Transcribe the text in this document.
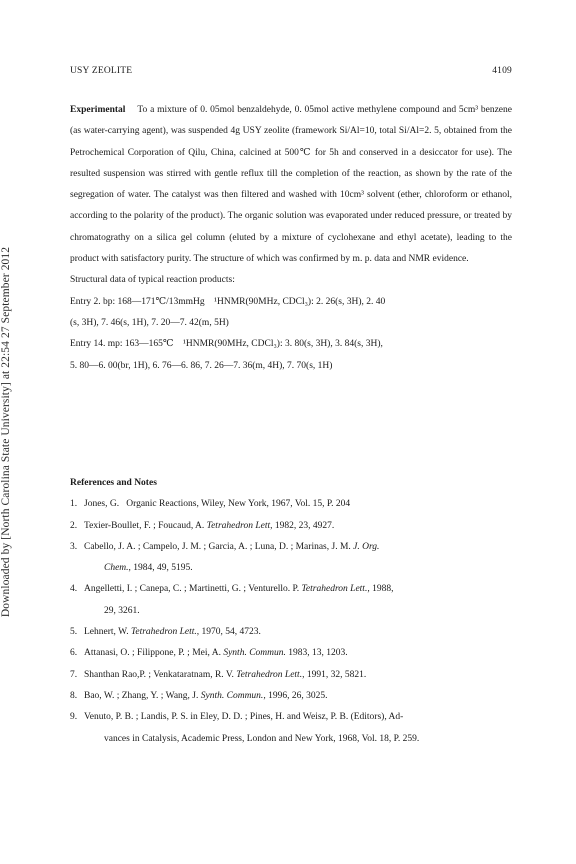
Downloaded by [North Carolina State University] at 22:54 27 September 2012
USY ZEOLITE	4109

Experimental To a mixture of 0. 05mol benzaldehyde, 0. 05mol active methylene compound and 5cm³ benzene (as water-carrying agent), was suspended 4g USY zeolite (framework Si/Al=10, total Si/Al=2. 5, obtained from the Petrochemical Corporation of Qilu, China, calcined at 500℃ for 5h and conserved in a desiccator for use). The resulted suspension was stirred with gentle reflux till the completion of the reaction, as shown by the rate of the segregation of water. The catalyst was then filtered and washed with 10cm³ solvent (ether, chloroform or ethanol, according to the polarity of the product). The organic solution was evaporated under reduced pressure, or treated by chromatograthy on a silica gel column (eluted by a mixture of cyclohexane and ethyl acetate), leading to the product with satisfactory purity. The structure of which was confirmed by m. p. data and NMR evidence.

Structural data of typical reaction products:

Entry 2. bp: 168—171℃/13mmHg    ¹HNMR(90MHz, CDCl₃): 2. 26(s, 3H), 2. 40

(s, 3H), 7. 46(s, 1H), 7. 20—7. 42(m, 5H)

Entry 14. mp: 163—165℃    ¹HNMR(90MHz, CDCl₃): 3. 80(s, 3H), 3. 84(s, 3H),

5. 80—6. 00(br, 1H), 6. 76—6. 86, 7. 26—7. 36(m, 4H), 7. 70(s, 1H)

References and Notes

1. Jones, G.   Organic Reactions, Wiley, New York, 1967, Vol. 15, P. 204
2. Texier-Boullet, F. ; Foucaud, A. Tetrahedron Lett, 1982, 23, 4927.
3. Cabello, J. A. ; Campelo, J. M. ; Garcia, A. ; Luna, D. ; Marinas, J. M. J. Org.
Chem., 1984, 49, 5195.
4. Angelletti, I. ; Canepa, C. ; Martinetti, G. ; Venturello. P. Tetrahedron Lett., 1988,
29, 3261.
5. Lehnert, W. Tetrahedron Lett., 1970, 54, 4723.
6. Attanasi, O. ; Filippone, P. ; Mei, A. Synth. Commun. 1983, 13, 1203.
7. Shanthan Rao,P. ; Venkataratnam, R. V. Tetrahedron Lett., 1991, 32, 5821.
8. Bao, W. ; Zhang, Y. ; Wang, J. Synth. Commun., 1996, 26, 3025.
9. Venuto, P. B. ; Landis, P. S. in Eley, D. D. ; Pines, H. and Weisz, P. B. (Editors), Ad-
vances in Catalysis, Academic Press, London and New York, 1968, Vol. 18, P. 259.
